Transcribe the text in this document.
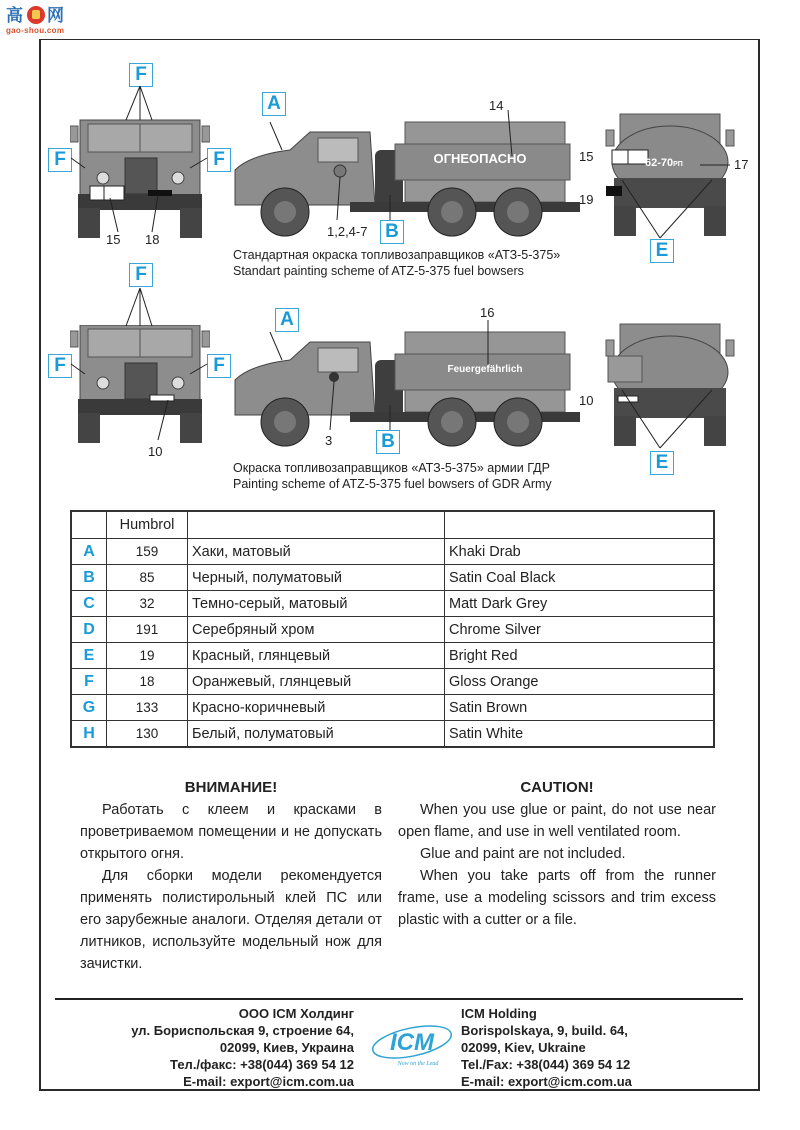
高 网
gao-shou.com
F
F	F
15 18
ОГНЕОПАСНО
A
B
14
1,2,4-7
Стандартная окраска топливозаправщиков «АТЗ-5-375»
Standart painting scheme of ATZ-5-375 fuel bowsers
62-70РП
15
17
19
E
F
F	F
10
Feuergefährlich
A
B
16
3
Окраска топливозаправщиков «АТЗ-5-375» армии ГДР
Painting scheme of ATZ-5-375 fuel bowsers of GDR Army
10
E
	Humbrol		
A	159	Хаки, матовый	Khaki Drab
B	85	Черный, полуматовый	Satin Coal Black
C	32	Темно-серый, матовый	Matt Dark Grey
D	191	Серебряный хром	Chrome Silver
E	19	Красный, глянцевый	Bright Red
F	18	Оранжевый, глянцевый	Gloss Orange
G	133	Красно-коричневый	Satin Brown
H	130	Белый, полуматовый	Satin White
ВНИМАНИЕ!

Работать с клеем и красками в проветриваемом помещении и не допускать открытого огня.

Для сборки модели рекомендуется применять полистирольный клей ПС или его зарубежные аналоги. Отделяя детали от литников, используйте модельный нож для зачистки.

CAUTION!

When you use glue or paint, do not use near open flame, and use in well ventilated room.

Glue and paint are not included.

When you take parts off from the runner frame, use a modeling scissors and trim excess plastic with a cutter or a file.

ООО ICM Холдинг
ул. Бориспольская 9, строение 64,
02099, Киев, Украина
Тел./факс: +38(044) 369 54 12
E-mail: export@icm.com.ua
ICM
Now on the Lead
ICM Holding
Borispolskaya, 9, build. 64,
02099, Kiev, Ukraine
Tel./Fax: +38(044) 369 54 12
E-mail: export@icm.com.ua
